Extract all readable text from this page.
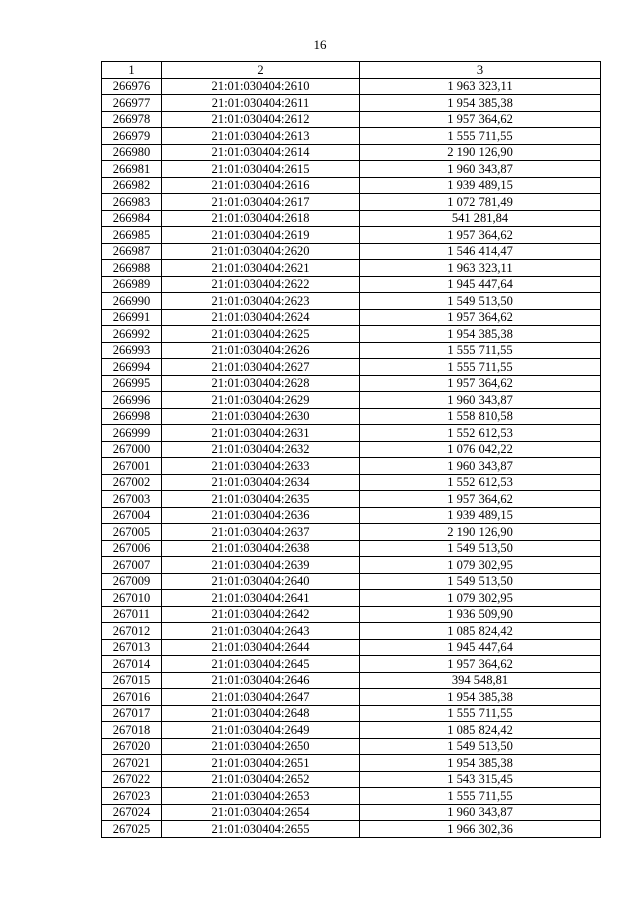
16
1	2	3
266976	21:01:030404:2610	1 963 323,11
266977	21:01:030404:2611	1 954 385,38
266978	21:01:030404:2612	1 957 364,62
266979	21:01:030404:2613	1 555 711,55
266980	21:01:030404:2614	2 190 126,90
266981	21:01:030404:2615	1 960 343,87
266982	21:01:030404:2616	1 939 489,15
266983	21:01:030404:2617	1 072 781,49
266984	21:01:030404:2618	541 281,84
266985	21:01:030404:2619	1 957 364,62
266987	21:01:030404:2620	1 546 414,47
266988	21:01:030404:2621	1 963 323,11
266989	21:01:030404:2622	1 945 447,64
266990	21:01:030404:2623	1 549 513,50
266991	21:01:030404:2624	1 957 364,62
266992	21:01:030404:2625	1 954 385,38
266993	21:01:030404:2626	1 555 711,55
266994	21:01:030404:2627	1 555 711,55
266995	21:01:030404:2628	1 957 364,62
266996	21:01:030404:2629	1 960 343,87
266998	21:01:030404:2630	1 558 810,58
266999	21:01:030404:2631	1 552 612,53
267000	21:01:030404:2632	1 076 042,22
267001	21:01:030404:2633	1 960 343,87
267002	21:01:030404:2634	1 552 612,53
267003	21:01:030404:2635	1 957 364,62
267004	21:01:030404:2636	1 939 489,15
267005	21:01:030404:2637	2 190 126,90
267006	21:01:030404:2638	1 549 513,50
267007	21:01:030404:2639	1 079 302,95
267009	21:01:030404:2640	1 549 513,50
267010	21:01:030404:2641	1 079 302,95
267011	21:01:030404:2642	1 936 509,90
267012	21:01:030404:2643	1 085 824,42
267013	21:01:030404:2644	1 945 447,64
267014	21:01:030404:2645	1 957 364,62
267015	21:01:030404:2646	394 548,81
267016	21:01:030404:2647	1 954 385,38
267017	21:01:030404:2648	1 555 711,55
267018	21:01:030404:2649	1 085 824,42
267020	21:01:030404:2650	1 549 513,50
267021	21:01:030404:2651	1 954 385,38
267022	21:01:030404:2652	1 543 315,45
267023	21:01:030404:2653	1 555 711,55
267024	21:01:030404:2654	1 960 343,87
267025	21:01:030404:2655	1 966 302,36
